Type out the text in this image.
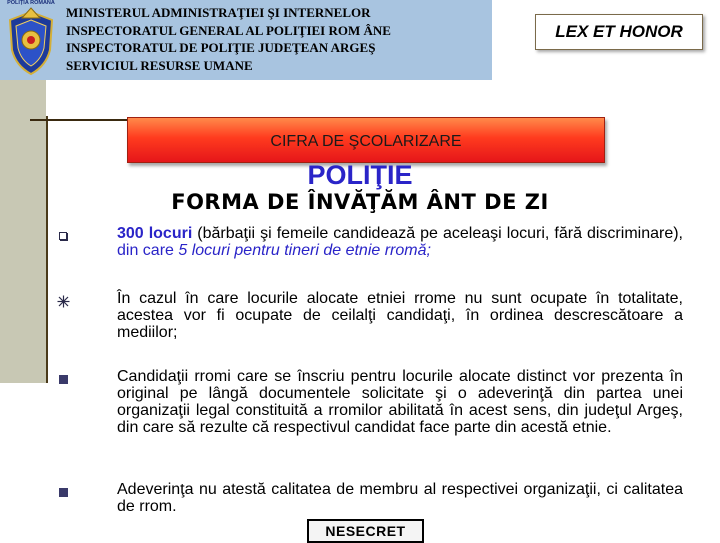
POLIȚIA ROMÂNĂ
MINISTERUL ADMINISTRAŢIEI ŞI INTERNELOR
INSPECTORATUL GENERAL AL POLIŢIEI ROM ÂNE
INSPECTORATUL DE POLIŢIE JUDEŢEAN ARGEŞ
SERVICIUL RESURSE UMANE
LEX ET HONOR
CIFRA DE ŞCOLARIZARE
POLIŢIE
FORMA DE ÎNVĂŢĂM ÂNT DE ZI
300 locuri (bărbaţii şi femeile candidează pe aceleaşi locuri, fără discriminare), din care 5 locuri pentru tineri de etnie rromă;
În cazul în care locurile alocate etniei rrome nu sunt ocupate în totalitate, acestea vor fi ocupate de ceilalţi candidaţi, în ordinea descrescătoare a mediilor;
Candidaţii rromi care se înscriu pentru locurile alocate distinct vor prezenta în original pe lângă documentele solicitate şi o adeverinţă din partea unei organizaţii legal constituită a rromilor abilitată în acest sens, din judeţul Argeş, din care să rezulte că respectivul candidat face parte din acestă etnie.
Adeverinţa nu atestă calitatea de membru al respectivei organizaţii, ci calitatea de rrom.
NESECRET
